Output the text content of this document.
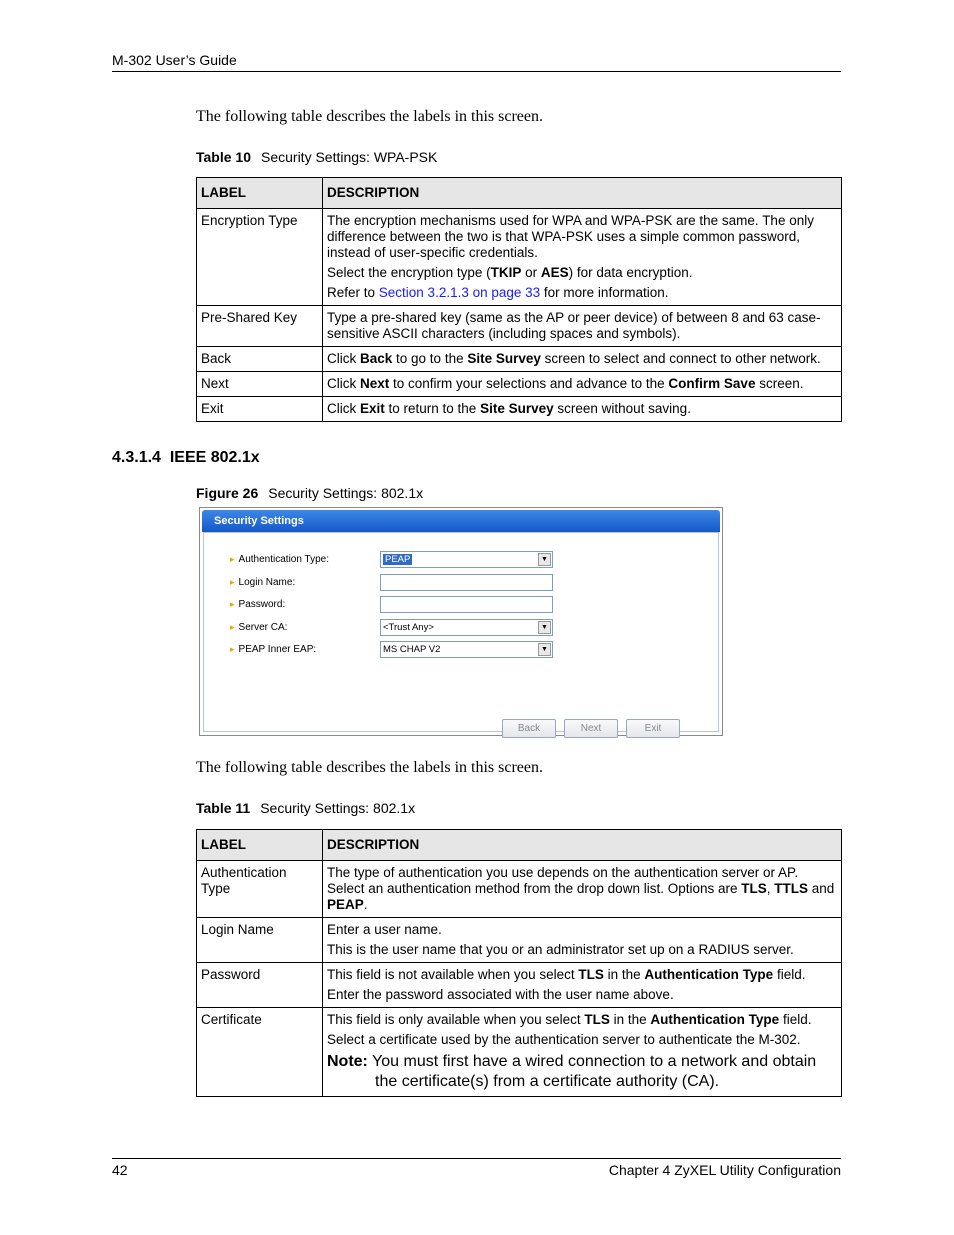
M-302 User’s Guide
The following table describes the labels in this screen.
Table 10 Security Settings: WPA-PSK
LABEL	DESCRIPTION
Encryption Type	The encryption mechanisms used for WPA and WPA-PSK are the same. The only difference between the two is that WPA-PSK uses a simple common password, instead of user-specific credentials.

Select the encryption type (TKIP or AES) for data encryption.

Refer to Section 3.2.1.3 on page 33 for more information.

Pre-Shared Key	Type a pre-shared key (same as the AP or peer device) of between 8 and 63 case-sensitive ASCII characters (including spaces and symbols).
Back	Click Back to go to the Site Survey screen to select and connect to other network.
Next	Click Next to confirm your selections and advance to the Confirm Save screen.
Exit	Click Exit to return to the Site Survey screen without saving.
4.3.1.4 IEEE 802.1x
Figure 26 Security Settings: 802.1x
Security Settings
▸ Authentication Type:	PEAP	▼
▸ Login Name:
▸ Password:
▸ Server CA:	<Trust Any>	▼
▸ PEAP Inner EAP:	MS CHAP V2	▼
Back	Next	Exit
The following table describes the labels in this screen.
Table 11 Security Settings: 802.1x
LABEL	DESCRIPTION
Authentication Type	The type of authentication you use depends on the authentication server or AP. Select an authentication method from the drop down list. Options are TLS, TTLS and PEAP.
Login Name	Enter a user name.

This is the user name that you or an administrator set up on a RADIUS server.

Password	This field is not available when you select TLS in the Authentication Type field.

Enter the password associated with the user name above.

Certificate	This field is only available when you select TLS in the Authentication Type field.

Select a certificate used by the authentication server to authenticate the M-302.

Note: You must first have a wired connection to a network and obtain the certificate(s) from a certificate authority (CA).

42	Chapter 4 ZyXEL Utility Configuration
